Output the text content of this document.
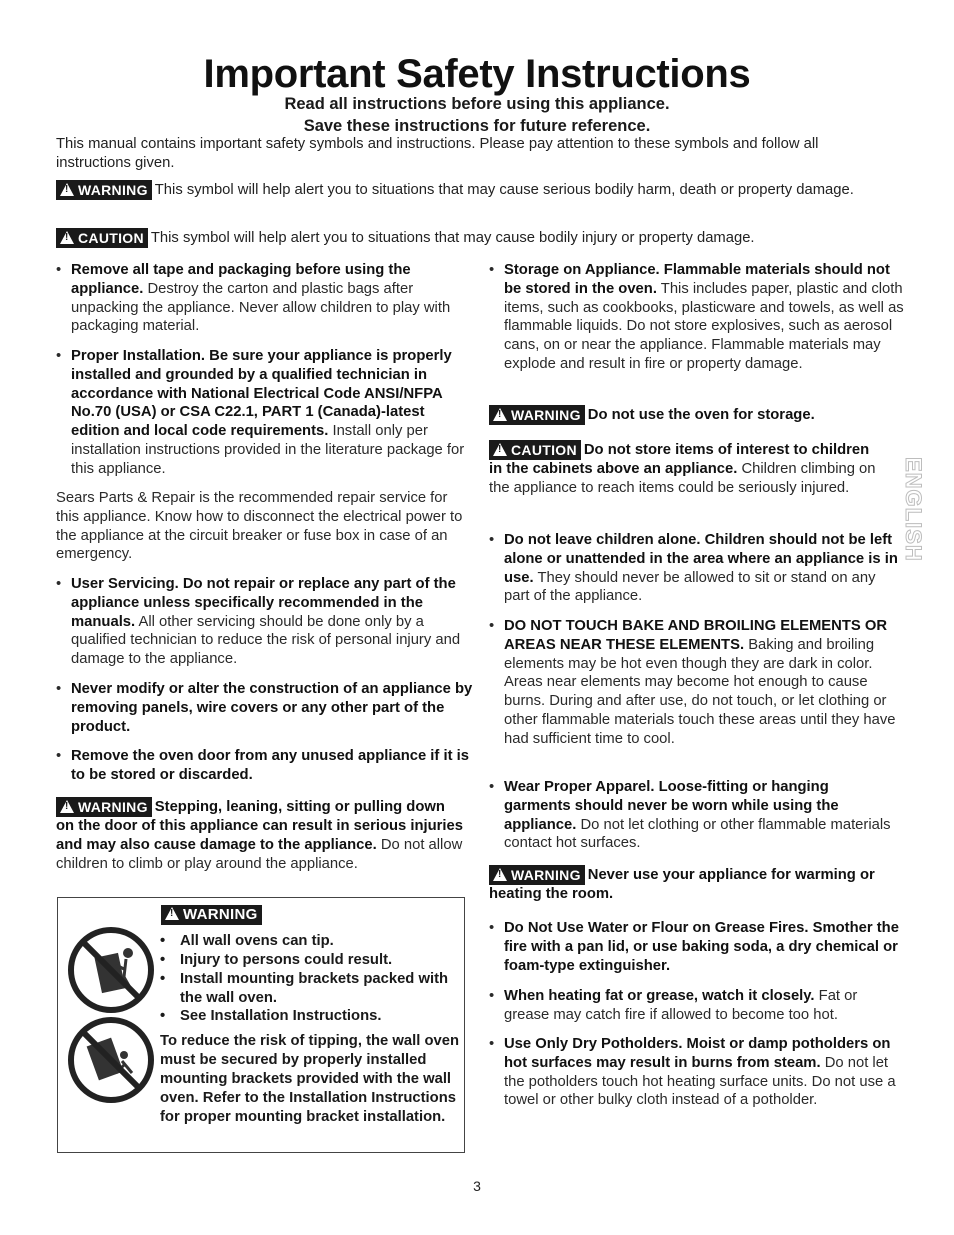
Important Safety Instructions
Read all instructions before using this appliance.
Save these instructions for future reference.
This manual contains important safety symbols and instructions. Please pay attention to these symbols and follow all instructions given.
!WARNING This symbol will help alert you to situations that may cause serious bodily harm, death or property damage.
!CAUTION This symbol will help alert you to situations that may cause bodily injury or property damage.
• Remove all tape and packaging before using the appliance. Destroy the carton and plastic bags after unpacking the appliance. Never allow children to play with packaging material.
• Proper Installation. Be sure your appliance is properly installed and grounded by a qualified technician in accordance with National Electrical Code ANSI/NFPA No.70 (USA) or CSA C22.1, PART 1 (Canada)-latest edition and local code requirements. Install only per installation instructions provided in the literature package for this appliance.
Sears Parts & Repair is the recommended repair service for this appliance. Know how to disconnect the electrical power to the appliance at the circuit breaker or fuse box in case of an emergency.
• User Servicing. Do not repair or replace any part of the appliance unless specifically recommended in the manuals. All other servicing should be done only by a qualified technician to reduce the risk of personal injury and damage to the appliance.
• Never modify or alter the construction of an appliance by removing panels, wire covers or any other part of the product.
• Remove the oven door from any unused appliance if it is to be stored or discarded.
!WARNING Stepping, leaning, sitting or pulling down on the door of this appliance can result in serious injuries and may also cause damage to the appliance. Do not allow children to climb or play around the appliance.
!WARNING
• All wall ovens can tip.
• Injury to persons could result.
• Install mounting brackets packed with the wall oven.
• See Installation Instructions.
To reduce the risk of tipping, the wall oven must be secured by properly installed mounting brackets provided with the wall oven. Refer to the Installation Instructions for proper mounting bracket installation.
• Storage on Appliance. Flammable materials should not be stored in the oven. This includes paper, plastic and cloth items, such as cookbooks, plasticware and towels, as well as flammable liquids. Do not store explosives, such as aerosol cans, on or near the appliance. Flammable materials may explode and result in fire or property damage.
!WARNING Do not use the oven for storage.
!CAUTION Do not store items of interest to children in the cabinets above an appliance. Children climbing on the appliance to reach items could be seriously injured.
• Do not leave children alone. Children should not be left alone or unattended in the area where an appliance is in use. They should never be allowed to sit or stand on any part of the appliance.
• DO NOT TOUCH BAKE AND BROILING ELEMENTS OR AREAS NEAR THESE ELEMENTS. Baking and broiling elements may be hot even though they are dark in color. Areas near elements may become hot enough to cause burns. During and after use, do not touch, or let clothing or other flammable materials touch these areas until they have had sufficient time to cool.
• Wear Proper Apparel. Loose-fitting or hanging garments should never be worn while using the appliance. Do not let clothing or other flammable materials contact hot surfaces.
!WARNING Never use your appliance for warming or heating the room.
• Do Not Use Water or Flour on Grease Fires. Smother the fire with a pan lid, or use baking soda, a dry chemical or foam-type extinguisher.
• When heating fat or grease, watch it closely. Fat or grease may catch fire if allowed to become too hot.
• Use Only Dry Potholders. Moist or damp potholders on hot surfaces may result in burns from steam. Do not let the potholders touch hot heating surface units. Do not use a towel or other bulky cloth instead of a potholder.
ENGLISH
3
